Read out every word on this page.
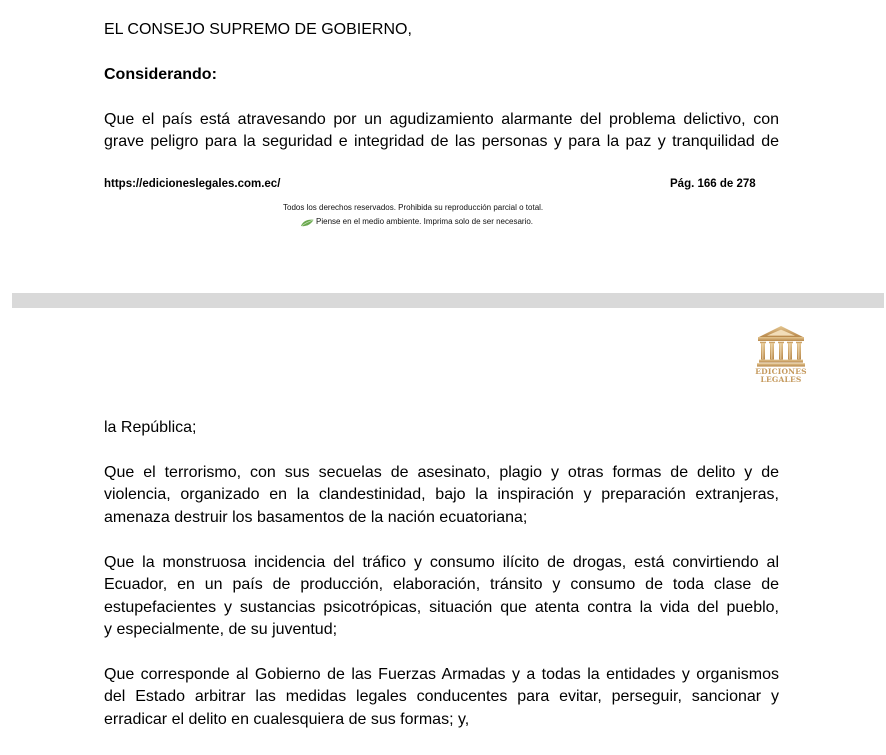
EL CONSEJO SUPREMO DE GOBIERNO,
Considerando:
Que el país está atravesando por un agudizamiento alarmante del problema delictivo, con
grave peligro para la seguridad e integridad de las personas y para la paz y tranquilidad de
https://edicioneslegales.com.ec/	Pág. 166 de 278
Todos los derechos reservados. Prohibida su reproducción parcial o total.
Piense en el medio ambiente. Imprima solo de ser necesario.
EDICIONES
LEGALES
la República;
Que el terrorismo, con sus secuelas de asesinato, plagio y otras formas de delito y de
violencia, organizado en la clandestinidad, bajo la inspiración y preparación extranjeras,
amenaza destruir los basamentos de la nación ecuatoriana;
Que la monstruosa incidencia del tráfico y consumo ilícito de drogas, está convirtiendo al
Ecuador, en un país de producción, elaboración, tránsito y consumo de toda clase de
estupefacientes y sustancias psicotrópicas, situación que atenta contra la vida del pueblo,
y especialmente, de su juventud;
Que corresponde al Gobierno de las Fuerzas Armadas y a todas la entidades y organismos
del Estado arbitrar las medidas legales conducentes para evitar, perseguir, sancionar y
erradicar el delito en cualesquiera de sus formas; y,
